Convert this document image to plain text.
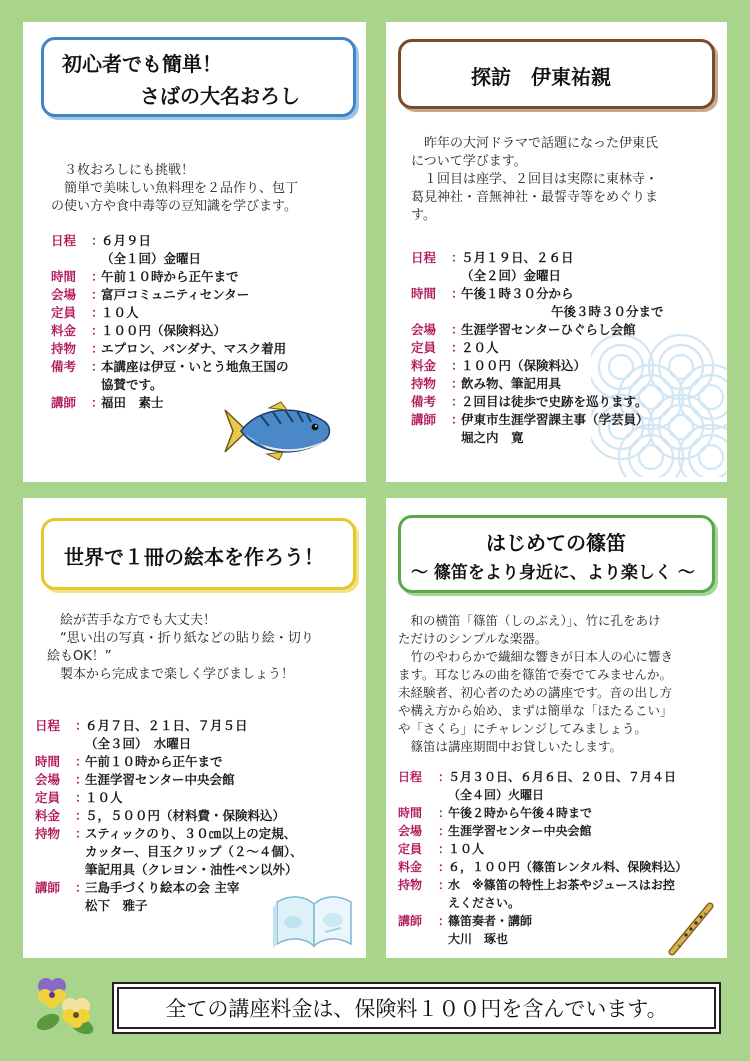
初心者でも簡単！
さばの大名おろし
　３枚おろしにも挑戦！
　簡単で美味しい魚料理を２品作り、包丁
の使い方や食中毒等の豆知識を学びます。
日程	：
６月９日
（全１回）金曜日
時間	：
午前１０時から正午まで
会場	：
富戸コミュニティセンター
定員	：
１０人
料金	：
１００円（保険料込）
持物	：
エプロン、バンダナ、マスク着用
備考	：
本講座は伊豆・いとう地魚王国の
協賛です。
講師	：
福田　素士
探訪　伊東祐親
　昨年の大河ドラマで話題になった伊東氏
について学びます。
　１回目は座学、２回目は実際に東林寺・
葛見神社・音無神社・最誓寺等をめぐりま
す。
日程	：
５月１９日、２６日
（全２回）金曜日
時間	：
午後１時３０分から
午後３時３０分まで
会場	：
生涯学習センターひぐらし会館
定員	：
２０人
料金	：
１００円（保険料込）
持物	：
飲み物、筆記用具
備考	：
２回目は徒歩で史跡を巡ります。
講師	：
伊東市生涯学習課主事（学芸員）
堀之内　寛
世界で１冊の絵本を作ろう！
　絵が苦手な方でも大丈夫！
　“思い出の写真・折り紙などの貼り絵・切り
絵もOK！”
　製本から完成まで楽しく学びましょう！
日程	：
６月７日、２１日、７月５日
（全３回）　水曜日
時間	：
午前１０時から正午まで
会場	：
生涯学習センター中央会館
定員	：
１０人
料金	：
５，５００円（材料費・保険料込）
持物	：
スティックのり、３０㎝以上の定規、
カッター、目玉クリップ（２～４個）、
筆記用具（クレヨン・油性ペン以外）
講師	：
三島手づくり絵本の会 主宰
松下　雅子
はじめての篠笛
～ 篠笛をより身近に、より楽しく ～
　和の横笛「篠笛（しのぶえ）」、竹に孔をあけ
ただけのシンプルな楽器。
　竹のやわらかで繊細な響きが日本人の心に響き
ます。耳なじみの曲を篠笛で奏でてみませんか。
未経験者、初心者のための講座です。音の出し方
や構え方から始め、まずは簡単な「ほたるこい」
や「さくら」にチャレンジしてみましょう。
　篠笛は講座期間中お貸しいたします。
日程	：
５月３０日、６月６日、２０日、７月４日
（全４回）火曜日
時間	：
午後２時から午後４時まで
会場	：
生涯学習センター中央会館
定員	：
１０人
料金	：
６，１００円（篠笛レンタル料、保険料込）
持物	：
水　※篠笛の特性上お茶やジュースはお控
えください。
講師	：
篠笛奏者・講師
大川　琢也
全ての講座料金は、保険料１００円を含んでいます。
